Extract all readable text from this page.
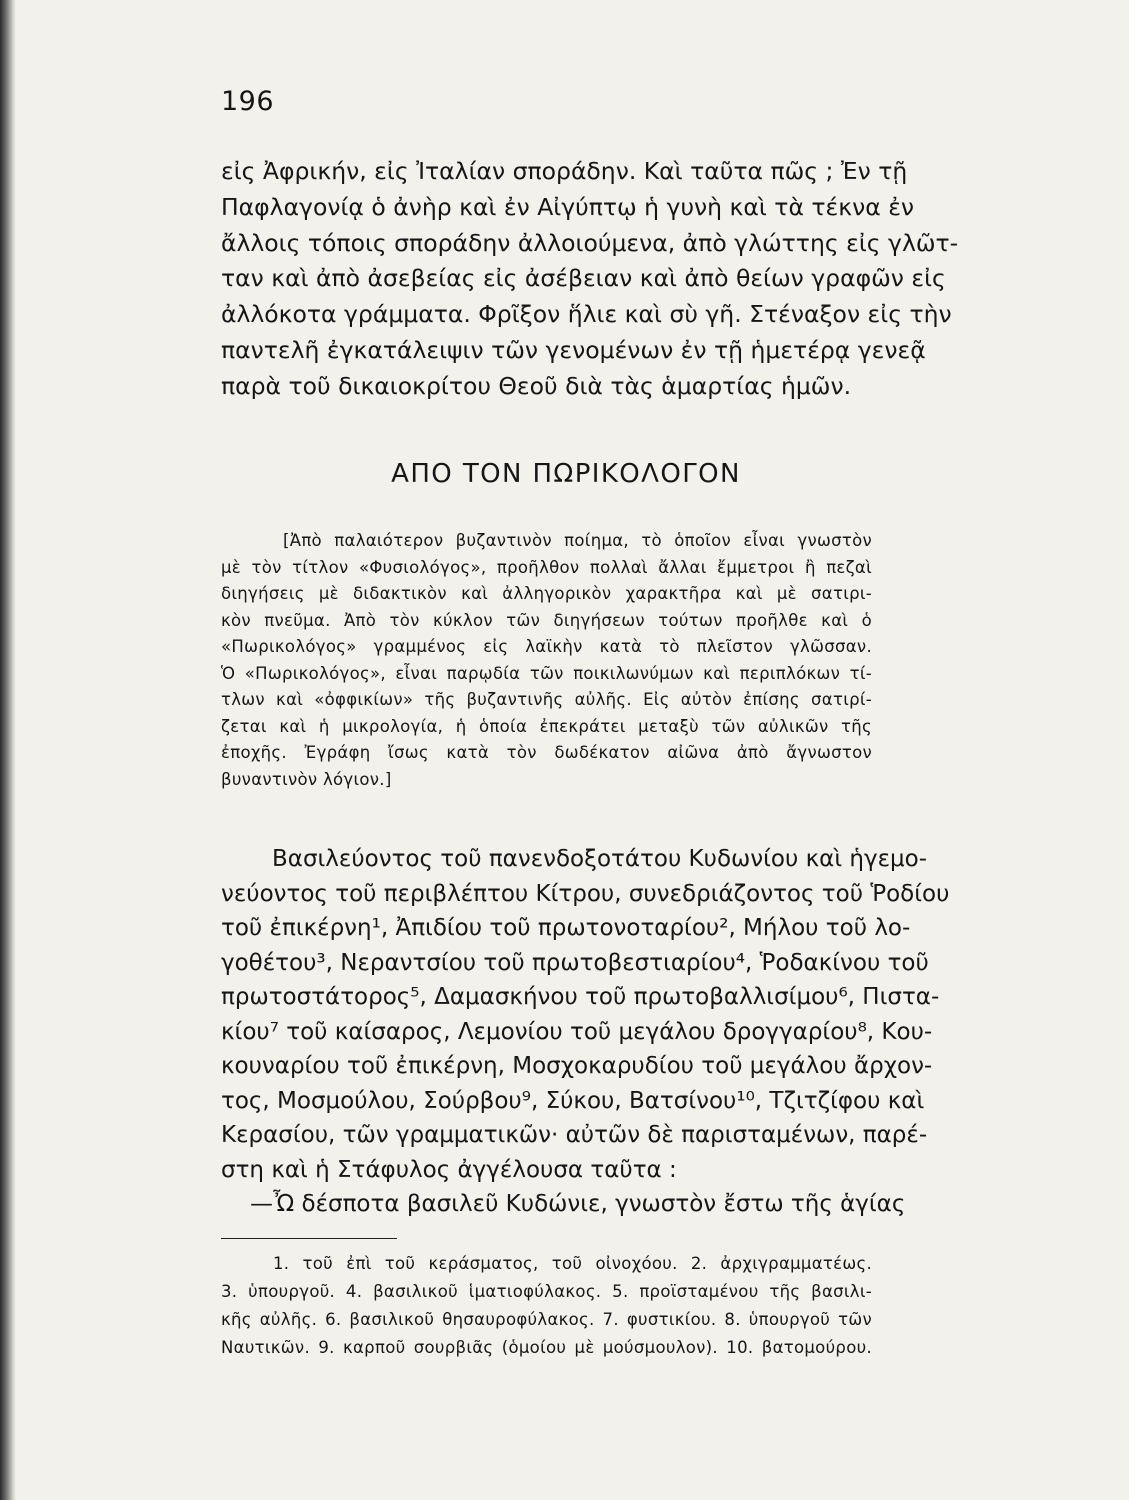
196
εἰς Ἀφρικήν, εἰς Ἰταλίαν σποράδην. Καὶ ταῦτα πῶς ; Ἐν τῇ
Παφλαγονίᾳ ὁ ἀνὴρ καὶ ἐν Αἰγύπτῳ ἡ γυνὴ καὶ τὰ τέκνα ἐν
ἄλλοις τόποις σποράδην ἀλλοιούμενα, ἀπὸ γλώττης εἰς γλῶτ-
ταν καὶ ἀπὸ ἀσεβείας εἰς ἀσέβειαν καὶ ἀπὸ θείων γραφῶν εἰς
ἀλλόκοτα γράμματα. Φρῖξον ἥλιε καὶ σὺ γῆ. Στέναξον εἰς τὴν
παντελῆ ἐγκατάλειψιν τῶν γενομένων ἐν τῇ ἡμετέρᾳ γενεᾷ
παρὰ τοῦ δικαιοκρίτου Θεοῦ διὰ τὰς ἁμαρτίας ἡμῶν.
ΑΠΟ ΤΟΝ ΠΩΡΙΚΟΛΟΓΟΝ
[Ἀπὸ παλαιότερον βυζαντινὸν ποίημα, τὸ ὁποῖον εἶναι γνωστὸν
μὲ τὸν τίτλον «Φυσιολόγος», προῆλθον πολλαὶ ἄλλαι ἔμμετροι ἢ πεζαὶ
διηγήσεις μὲ διδακτικὸν καὶ ἀλληγορικὸν χαρακτῆρα καὶ μὲ σατιρι-
κὸν πνεῦμα. Ἀπὸ τὸν κύκλον τῶν διηγήσεων τούτων προῆλθε καὶ ὁ
«Πωρικολόγος» γραμμένος εἰς λαϊκὴν κατὰ τὸ πλεῖστον γλῶσσαν.
Ὁ «Πωρικολόγος», εἶναι παρῳδία τῶν ποικιλωνύμων καὶ περιπλόκων τί-
τλων καὶ «ὀφφικίων» τῆς βυζαντινῆς αὐλῆς. Εἰς αὐτὸν ἐπίσης σατιρί-
ζεται καὶ ἡ μικρολογία, ἡ ὁποία ἐπεκράτει μεταξὺ τῶν αὐλικῶν τῆς
ἐποχῆς. Ἐγράφη ἴσως κατὰ τὸν δωδέκατον αἰῶνα ἀπὸ ἄγνωστον
βυναντινὸν λόγιον.]
Βασιλεύοντος τοῦ πανενδοξοτάτου Κυδωνίου καὶ ἡγεμο-
νεύοντος τοῦ περιβλέπτου Κίτρου, συνεδριάζοντος τοῦ Ῥοδίου
τοῦ ἐπικέρνη¹, Ἀπιδίου τοῦ πρωτονοταρίου², Μήλου τοῦ λο-
γοθέτου³, Νεραντσίου τοῦ πρωτοβεστιαρίου⁴, Ῥοδακίνου τοῦ
πρωτοστάτορος⁵, Δαμασκήνου τοῦ πρωτοβαλλισίμου⁶, Πιστα-
κίου⁷ τοῦ καίσαρος, Λεμονίου τοῦ μεγάλου δρογγαρίου⁸, Κου-
κουναρίου τοῦ ἐπικέρνη, Μοσχοκαρυδίου τοῦ μεγάλου ἄρχον-
τος, Μοσμούλου, Σούρβου⁹, Σύκου, Βατσίνου¹⁰, Τζιτζίφου καὶ
Κερασίου, τῶν γραμματικῶν· αὐτῶν δὲ παρισταμένων, παρέ-
στη καὶ ἡ Στάφυλος ἀγγέλουσα ταῦτα :
—Ὦ δέσποτα βασιλεῦ Κυδώνιε, γνωστὸν ἔστω τῆς ἁγίας
1. τοῦ ἐπὶ τοῦ κεράσματος, τοῦ οἰνοχόου. 2. ἀρχιγραμματέως.
3. ὑπουργοῦ. 4. βασιλικοῦ ἱματιοφύλακος. 5. προϊσταμένου τῆς βασιλι-
κῆς αὐλῆς. 6. βασιλικοῦ θησαυροφύλακος. 7. φυστικίου. 8. ὑπουργοῦ τῶν
Ναυτικῶν. 9. καρποῦ σουρβιᾶς (ὁμοίου μὲ μούσμουλον). 10. βατομούρου.
